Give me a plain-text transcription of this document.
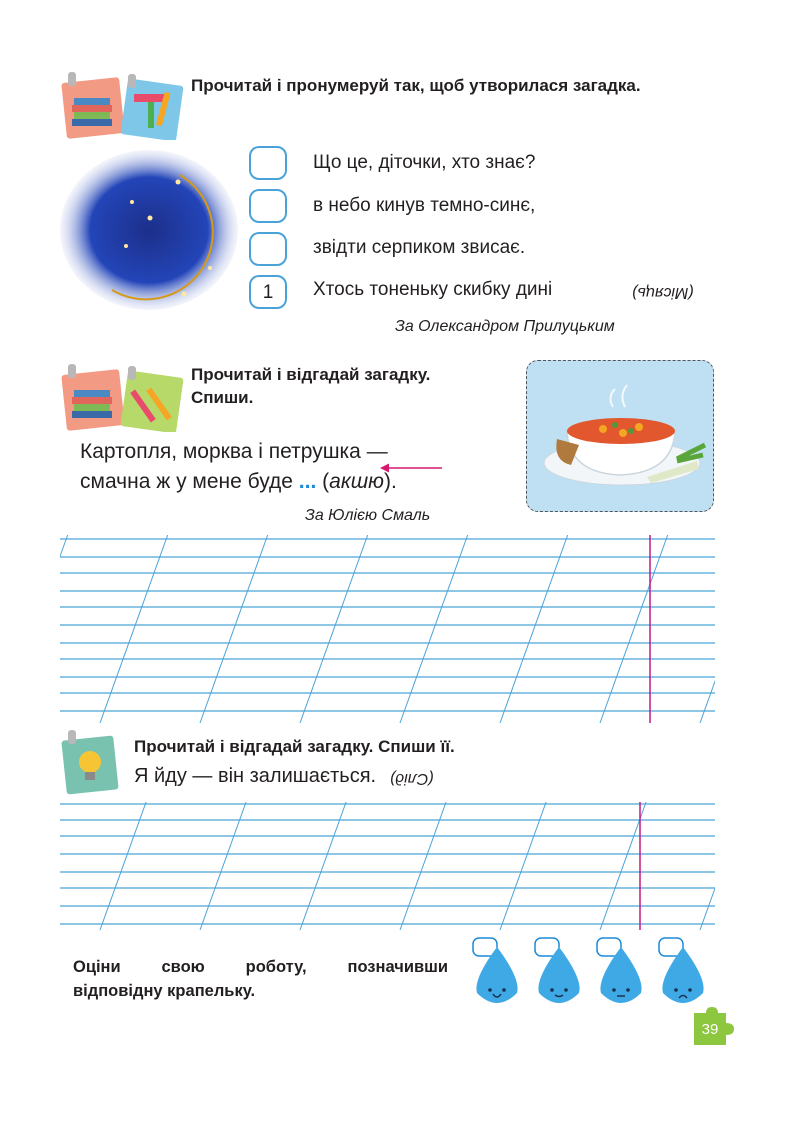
Прочитай і пронумеруй так, щоб утворилася загадка.
Що це, діточки, хто знає?
в небо кинув темно-синє,
звідти серпиком звисає.
1	Хтось тоненьку скибку дині	(Місяць)
За Олександром Прилуцьким
Прочитай і відгадай загадку.
Спиши.
Картопля, морква і петрушка —
смачна ж у мене буде ... (акшю).
За Юлією Смаль
Прочитай і відгадай загадку. Спиши її.
Я йду — він залишається. (Слід)
Оціни свою роботу, позначивши
відповідну крапельку.
39
